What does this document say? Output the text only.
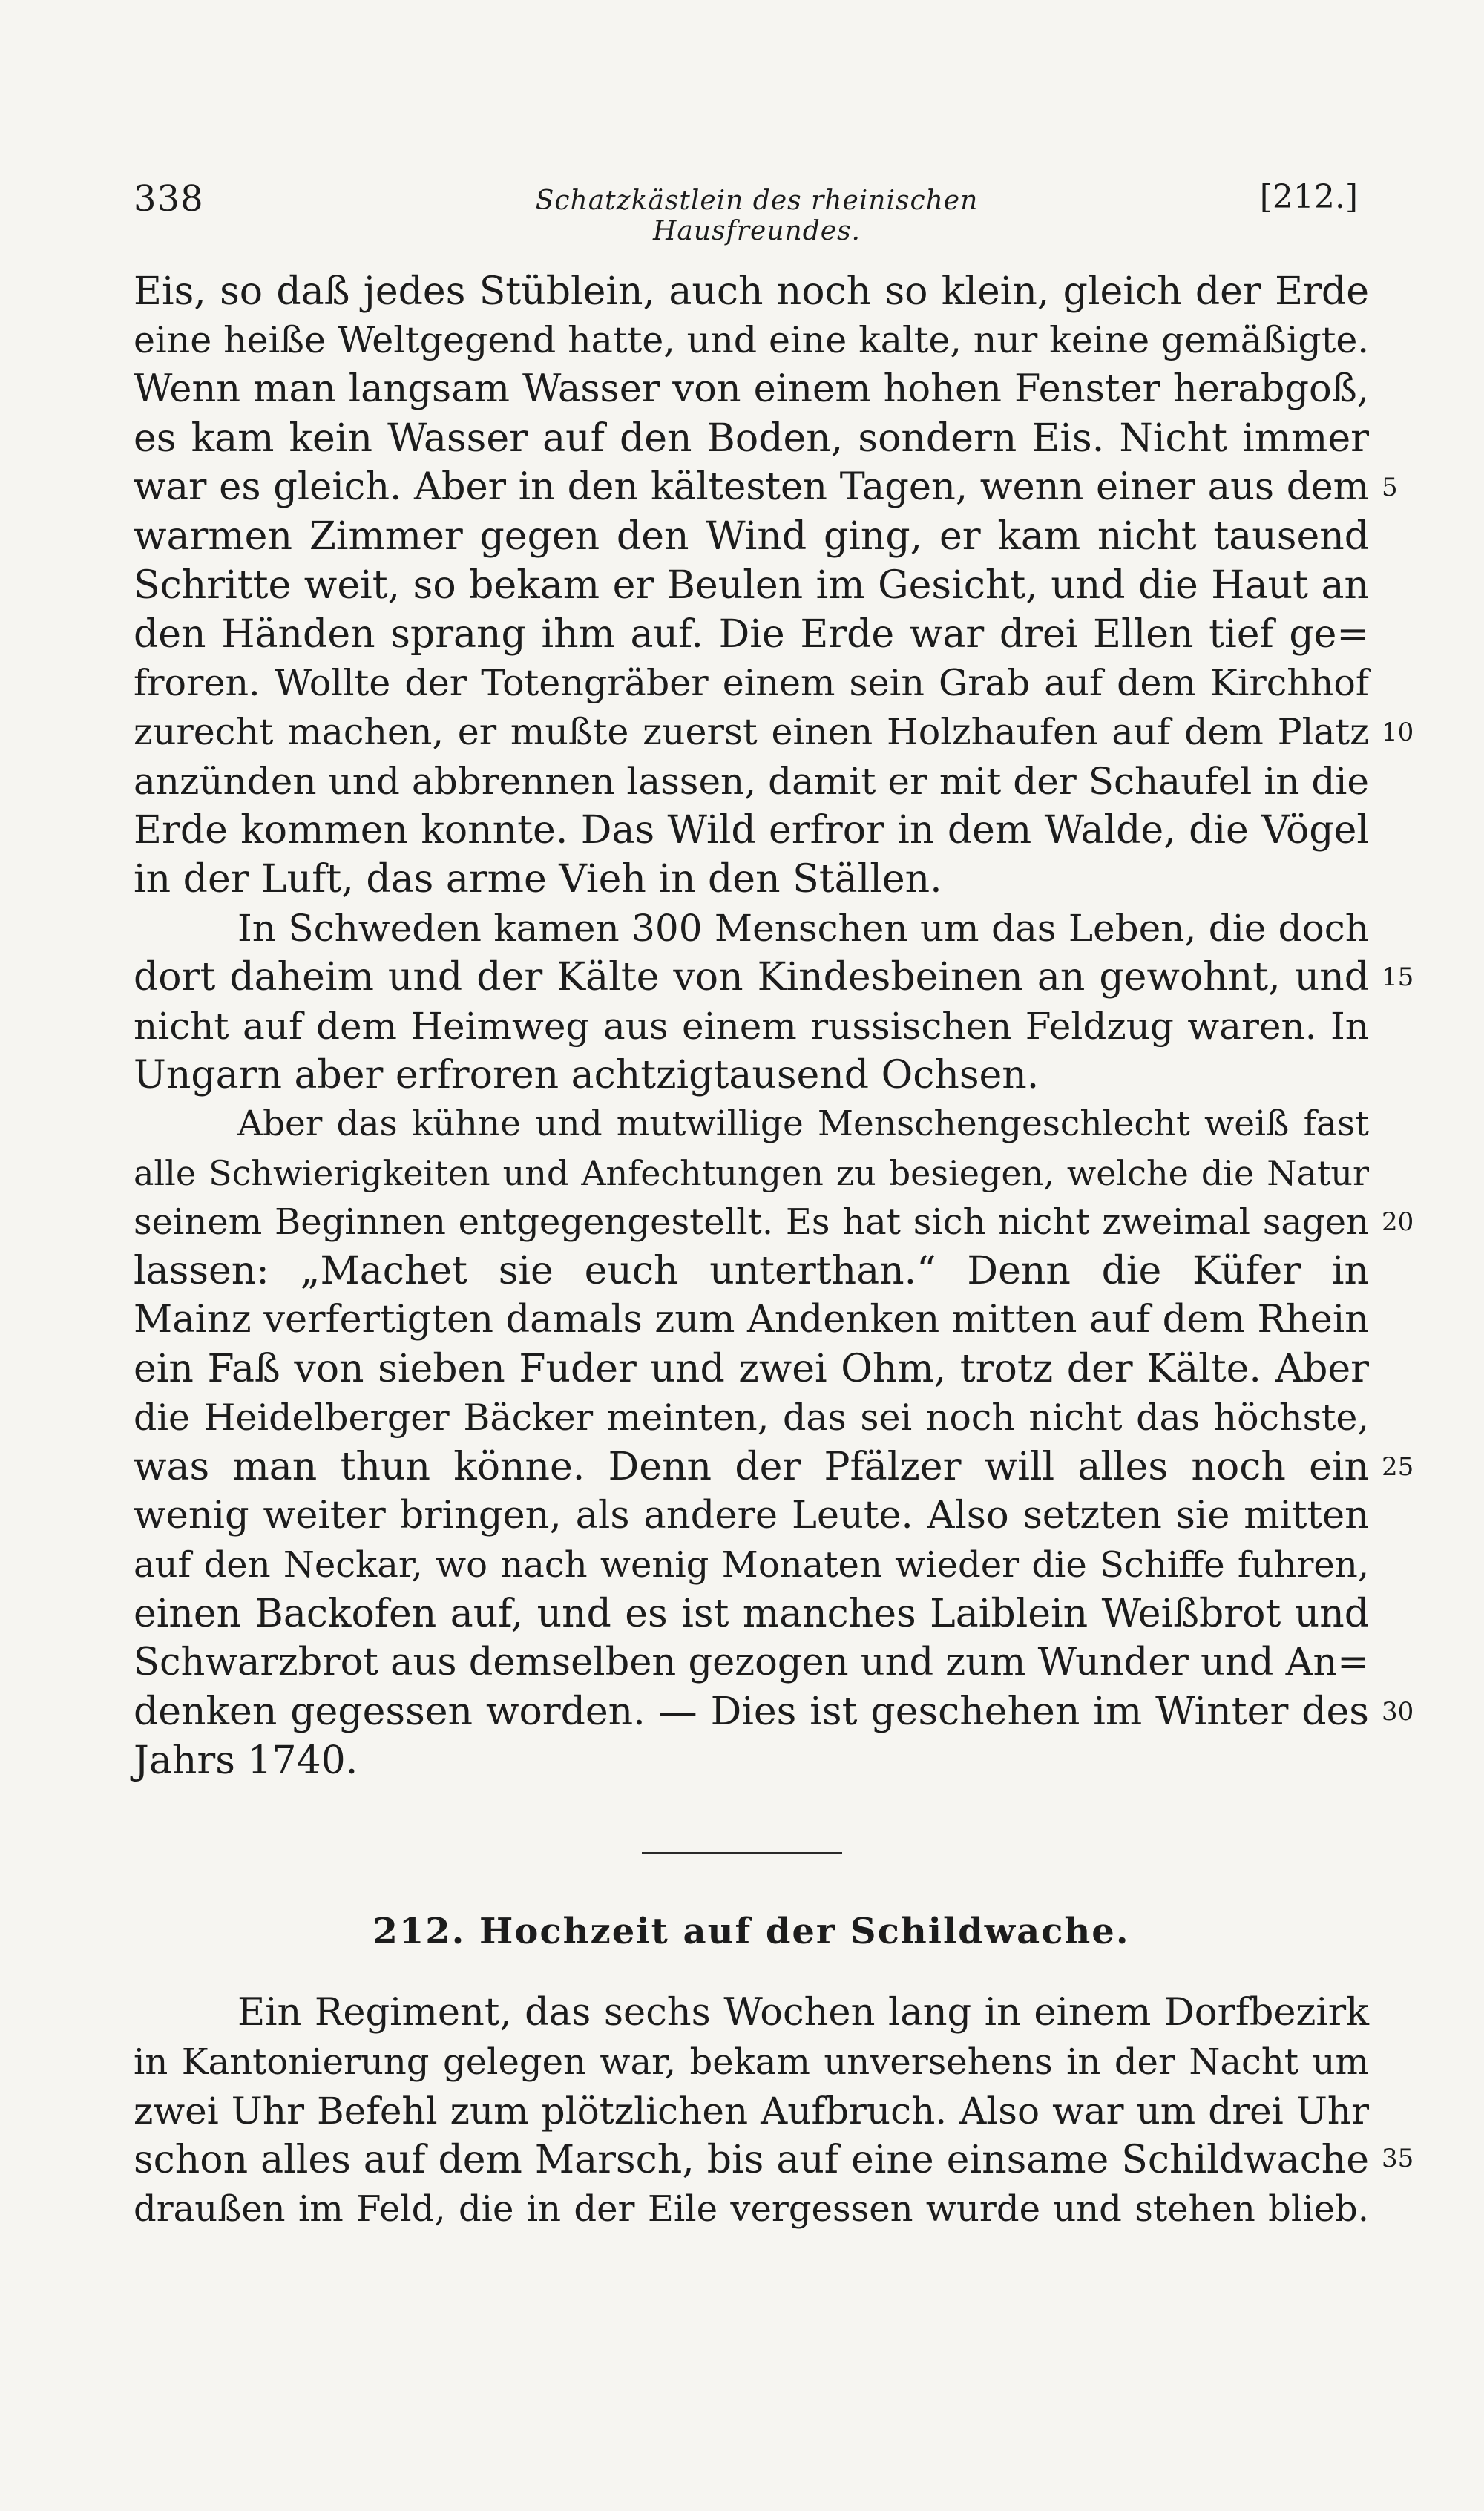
338	Schatzkästlein des rheinischen Hausfreundes.
[212.]
Eis, so daß jedes Stüblein, auch noch so klein, gleich der Erde
eine heiße Weltgegend hatte, und eine kalte, nur keine gemäßigte.
Wenn man langsam Wasser von einem hohen Fenster herabgoß,
es kam kein Wasser auf den Boden, sondern Eis. Nicht immer
war es gleich. Aber in den kältesten Tagen, wenn einer aus dem
warmen Zimmer gegen den Wind ging, er kam nicht tausend
Schritte weit, so bekam er Beulen im Gesicht, und die Haut an
den Händen sprang ihm auf. Die Erde war drei Ellen tief ge=
froren. Wollte der Totengräber einem sein Grab auf dem Kirchhof
zurecht machen, er mußte zuerst einen Holzhaufen auf dem Platz
anzünden und abbrennen lassen, damit er mit der Schaufel in die
Erde kommen konnte. Das Wild erfror in dem Walde, die Vögel
in der Luft, das arme Vieh in den Ställen.
In Schweden kamen 300 Menschen um das Leben, die doch
dort daheim und der Kälte von Kindesbeinen an gewohnt, und
nicht auf dem Heimweg aus einem russischen Feldzug waren. In
Ungarn aber erfroren achtzigtausend Ochsen.
Aber das kühne und mutwillige Menschengeschlecht weiß fast
alle Schwierigkeiten und Anfechtungen zu besiegen, welche die Natur
seinem Beginnen entgegengestellt. Es hat sich nicht zweimal sagen
lassen: „Machet sie euch unterthan.“ Denn die Küfer in
Mainz verfertigten damals zum Andenken mitten auf dem Rhein
ein Faß von sieben Fuder und zwei Ohm, trotz der Kälte. Aber
die Heidelberger Bäcker meinten, das sei noch nicht das höchste,
was man thun könne. Denn der Pfälzer will alles noch ein
wenig weiter bringen, als andere Leute. Also setzten sie mitten
auf den Neckar, wo nach wenig Monaten wieder die Schiffe fuhren,
einen Backofen auf, und es ist manches Laiblein Weißbrot und
Schwarzbrot aus demselben gezogen und zum Wunder und An=
denken gegessen worden. — Dies ist geschehen im Winter des
Jahrs 1740.
5
10
15
20
25
30
35
212. Hochzeit auf der Schildwache.
Ein Regiment, das sechs Wochen lang in einem Dorfbezirk
in Kantonierung gelegen war, bekam unversehens in der Nacht um
zwei Uhr Befehl zum plötzlichen Aufbruch. Also war um drei Uhr
schon alles auf dem Marsch, bis auf eine einsame Schildwache
draußen im Feld, die in der Eile vergessen wurde und stehen blieb.
